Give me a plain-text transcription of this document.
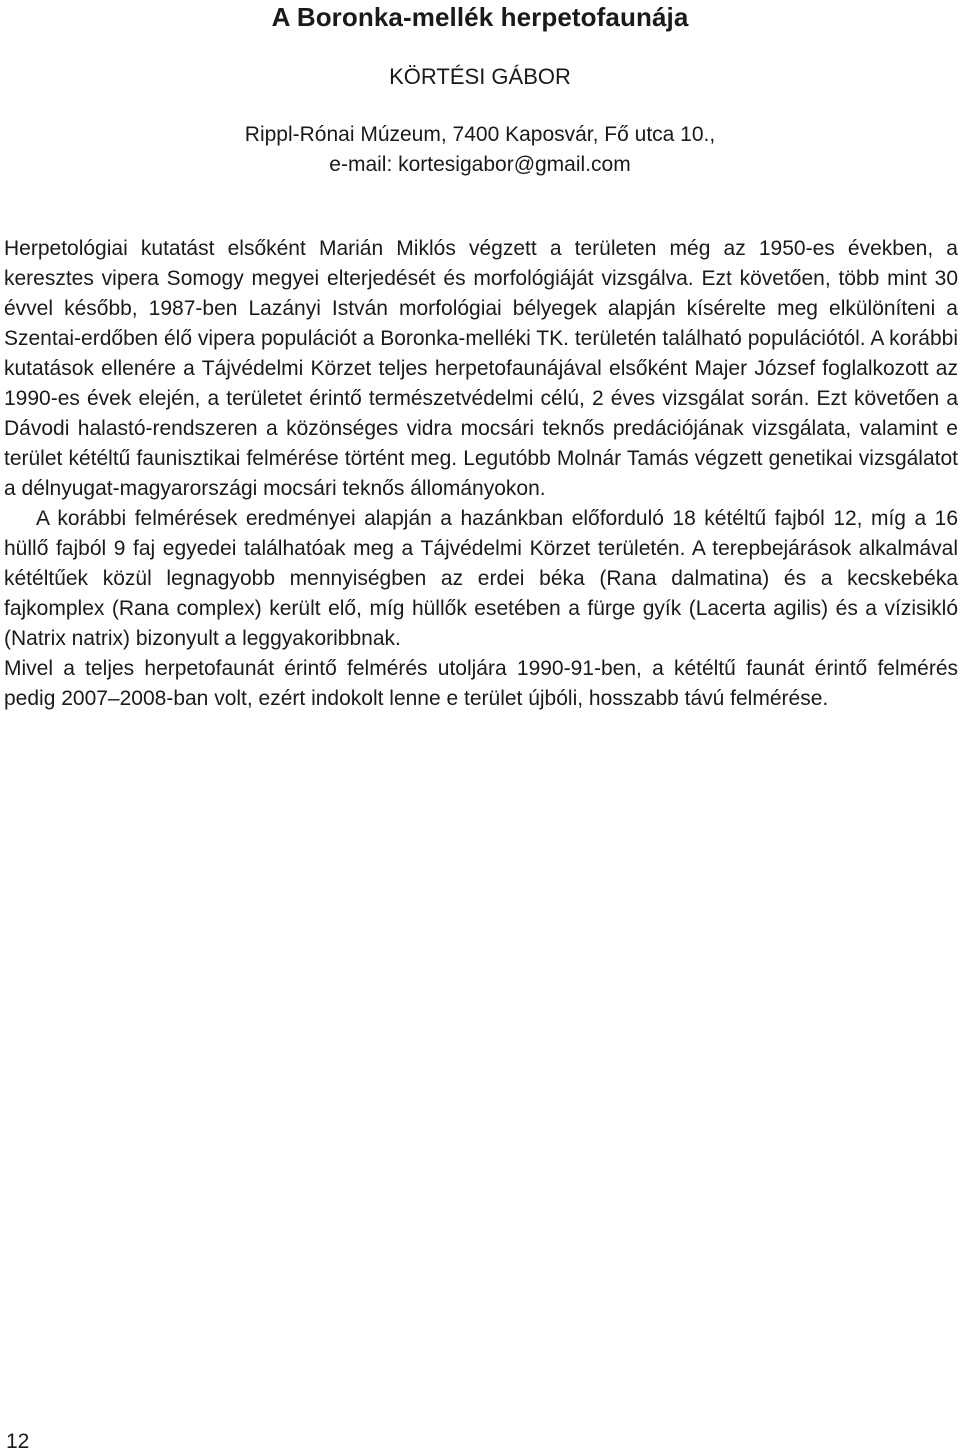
A Boronka-mellék herpetofaunája
KÖRTÉSI GÁBOR
Rippl-Rónai Múzeum, 7400 Kaposvár, Fő utca 10.,
e-mail: kortesigabor@gmail.com

Herpetológiai kutatást elsőként Marián Miklós végzett a területen még az 1950-es években, a keresztes vipera Somogy megyei elterjedését és morfológiáját vizsgálva. Ezt követően, több mint 30 évvel később, 1987-ben Lazányi István morfológiai bélyegek alapján kísérelte meg elkülöníteni a Szentai-erdőben élő vipera populációt a Boronka-melléki TK. területén található populációtól. A korábbi kutatások ellenére a Tájvédelmi Körzet teljes herpetofaunájával elsőként Majer József foglalkozott az 1990-es évek elején, a területet érintő természetvédelmi célú, 2 éves vizsgálat során. Ezt követően a Dávodi halastó-rendszeren a közönséges vidra mocsári teknős predációjának vizsgálata, valamint e terület kétéltű faunisztikai felmérése történt meg. Legutóbb Molnár Tamás végzett genetikai vizsgálatot a délnyugat-magyarországi mocsári teknős állományokon.

A korábbi felmérések eredményei alapján a hazánkban előforduló 18 kétéltű fajból 12, míg a 16 hüllő fajból 9 faj egyedei találhatóak meg a Tájvédelmi Körzet területén. A terepbejárások alkalmával kétéltűek közül legnagyobb mennyiségben az erdei béka (Rana dalmatina) és a kecskebéka fajkomplex (Rana complex) került elő, míg hüllők esetében a fürge gyík (Lacerta agilis) és a vízisikló (Natrix natrix) bizonyult a leggyakoribbnak.

Mivel a teljes herpetofaunát érintő felmérés utoljára 1990-91-ben, a kétéltű faunát érintő felmérés pedig 2007–2008-ban volt, ezért indokolt lenne e terület újbóli, hosszabb távú felmérése.

12
